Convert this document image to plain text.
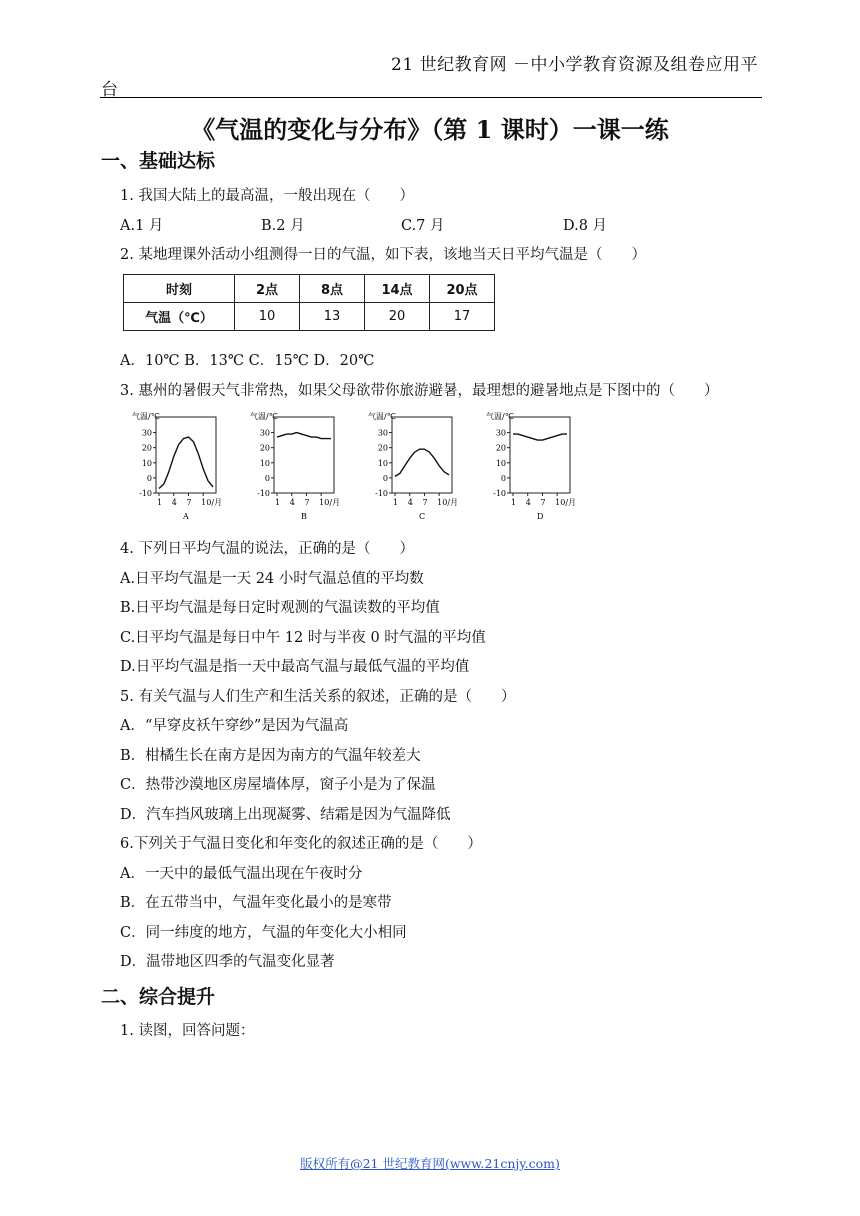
21 世纪教育网 －中小学教育资源及组卷应用平
台
《气温的变化与分布》（第 1 课时）一课一练
一、基础达标
1. 我国大陆上的最高温，一般出现在（　　）
A.1 月	B.2 月	C.7 月	D.8 月
2. 某地理课外活动小组测得一日的气温，如下表，该地当天日平均气温是（　　）
时刻	2点	8点	14点	20点
气温（℃）	10	13	20	17
A．10℃ B．13℃ C．15℃ D．20℃
3. 惠州的暑假天气非常热，如果父母欲带你旅游避暑，最理想的避暑地点是下图中的（　　）
气温/℃
-10
0
10
20
30
1 4 7 10/月
A
气温/℃
-10
0
10
20
30
1 4 7 10/月
B
气温/℃
-10
0
10
20
30
1 4 7 10/月
C
气温/℃
-10
0
10
20
30
1 4 7 10/月
D
4. 下列日平均气温的说法，正确的是（　　）
A.日平均气温是一天 24 小时气温总值的平均数
B.日平均气温是每日定时观测的气温读数的平均值
C.日平均气温是每日中午 12 时与半夜 0 时气温的平均值
D.日平均气温是指一天中最高气温与最低气温的平均值
5. 有关气温与人们生产和生活关系的叙述，正确的是（　　）
A．“早穿皮袄午穿纱”是因为气温高
B．柑橘生长在南方是因为南方的气温年较差大
C．热带沙漠地区房屋墙体厚，窗子小是为了保温
D．汽车挡风玻璃上出现凝雾、结霜是因为气温降低
6.下列关于气温日变化和年变化的叙述正确的是（　　）
A．一天中的最低气温出现在午夜时分
B．在五带当中，气温年变化最小的是寒带
C．同一纬度的地方，气温的年变化大小相同
D．温带地区四季的气温变化显著
二、综合提升
1. 读图，回答问题：
版权所有@21 世纪教育网(www.21cnjy.com)
